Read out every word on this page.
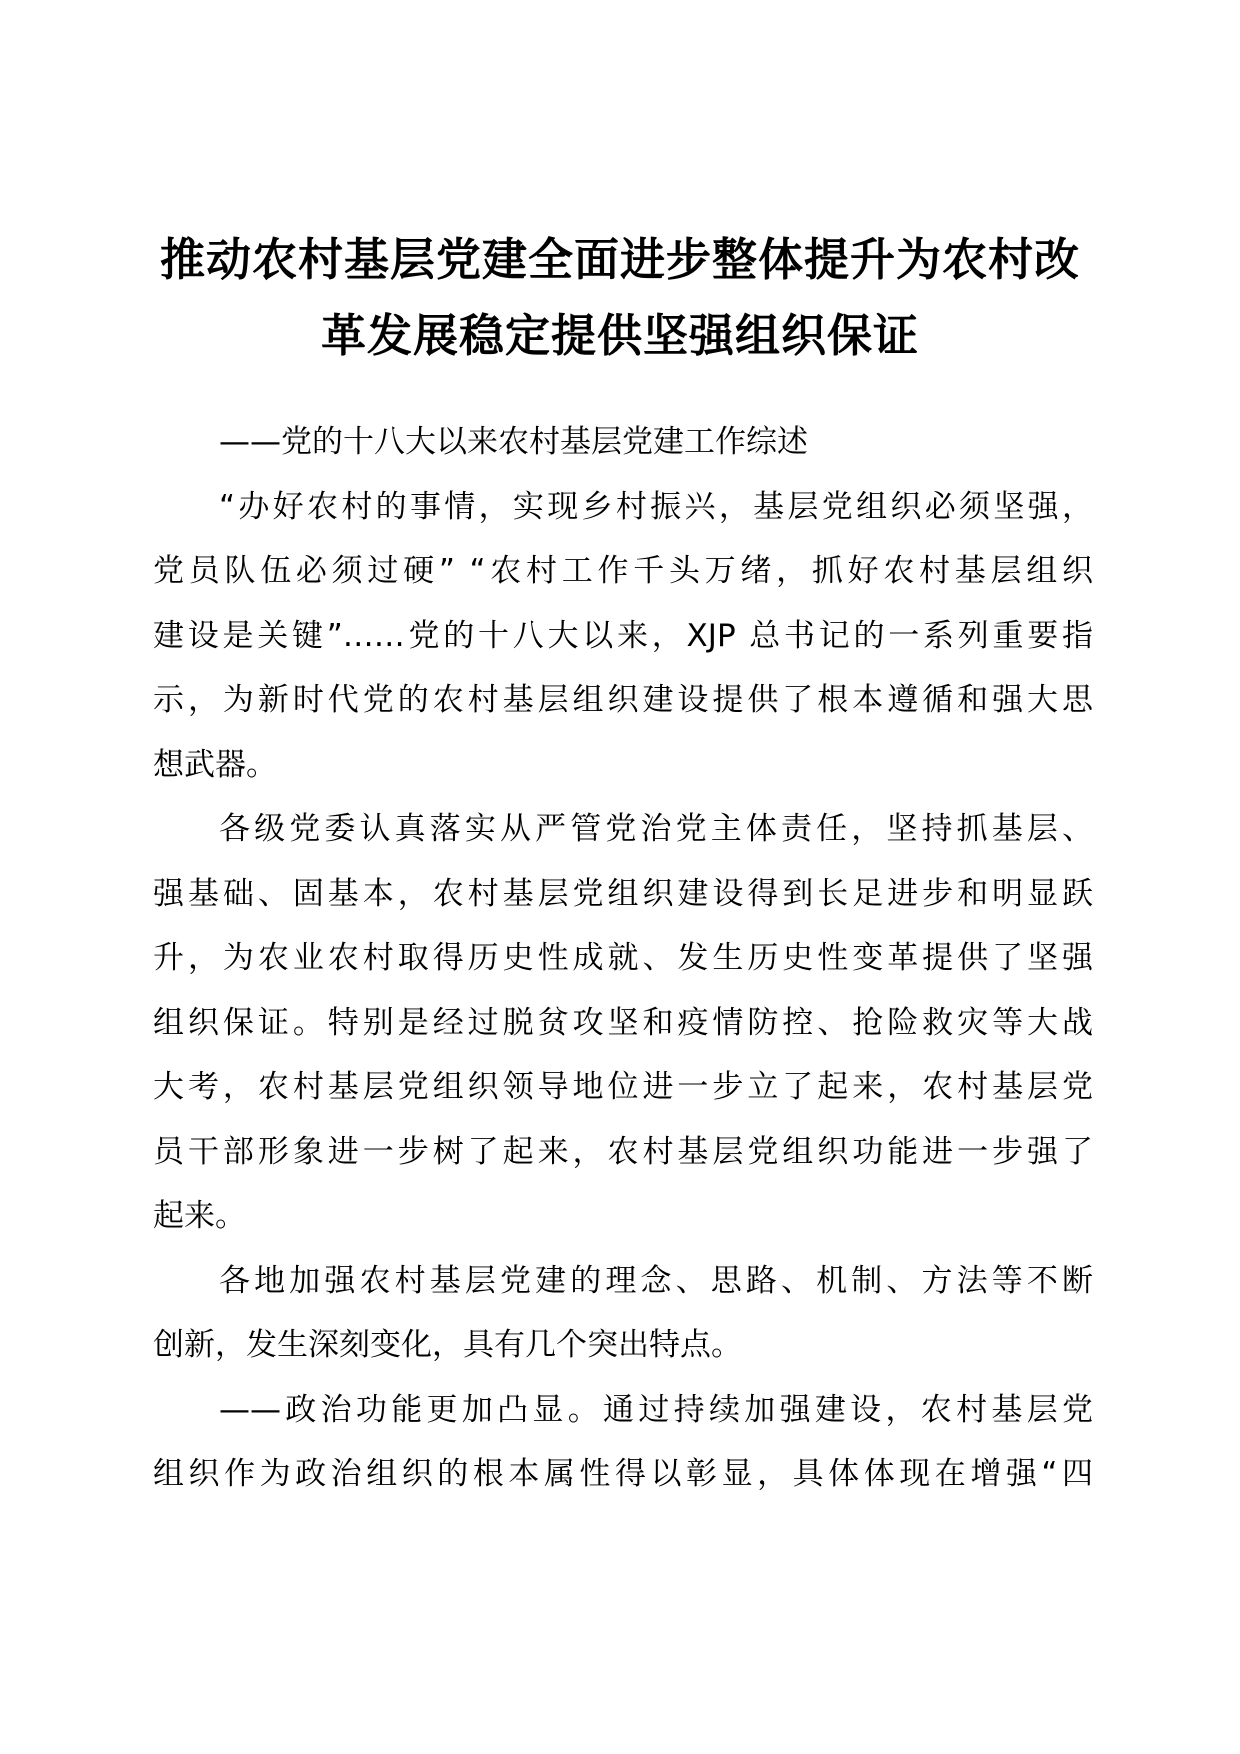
推动农村基层党建全面进步整体提升为农村改
革发展稳定提供坚强组织保证
——党的十八大以来农村基层党建工作综述
“办好农村的事情，实现乡村振兴，基层党组织必须坚强，
党员队伍必须过硬” “农村工作千头万绪，抓好农村基层组织
建设是关键”……党的十八大以来，XJP 总书记的一系列重要指
示，为新时代党的农村基层组织建设提供了根本遵循和强大思
想武器。
各级党委认真落实从严管党治党主体责任，坚持抓基层、
强基础、固基本，农村基层党组织建设得到长足进步和明显跃
升，为农业农村取得历史性成就、发生历史性变革提供了坚强
组织保证。特别是经过脱贫攻坚和疫情防控、抢险救灾等大战
大考，农村基层党组织领导地位进一步立了起来，农村基层党
员干部形象进一步树了起来，农村基层党组织功能进一步强了
起来。
各地加强农村基层党建的理念、思路、机制、方法等不断
创新，发生深刻变化，具有几个突出特点。
——政治功能更加凸显。通过持续加强建设，农村基层党
组织作为政治组织的根本属性得以彰显，具体体现在增强“四
